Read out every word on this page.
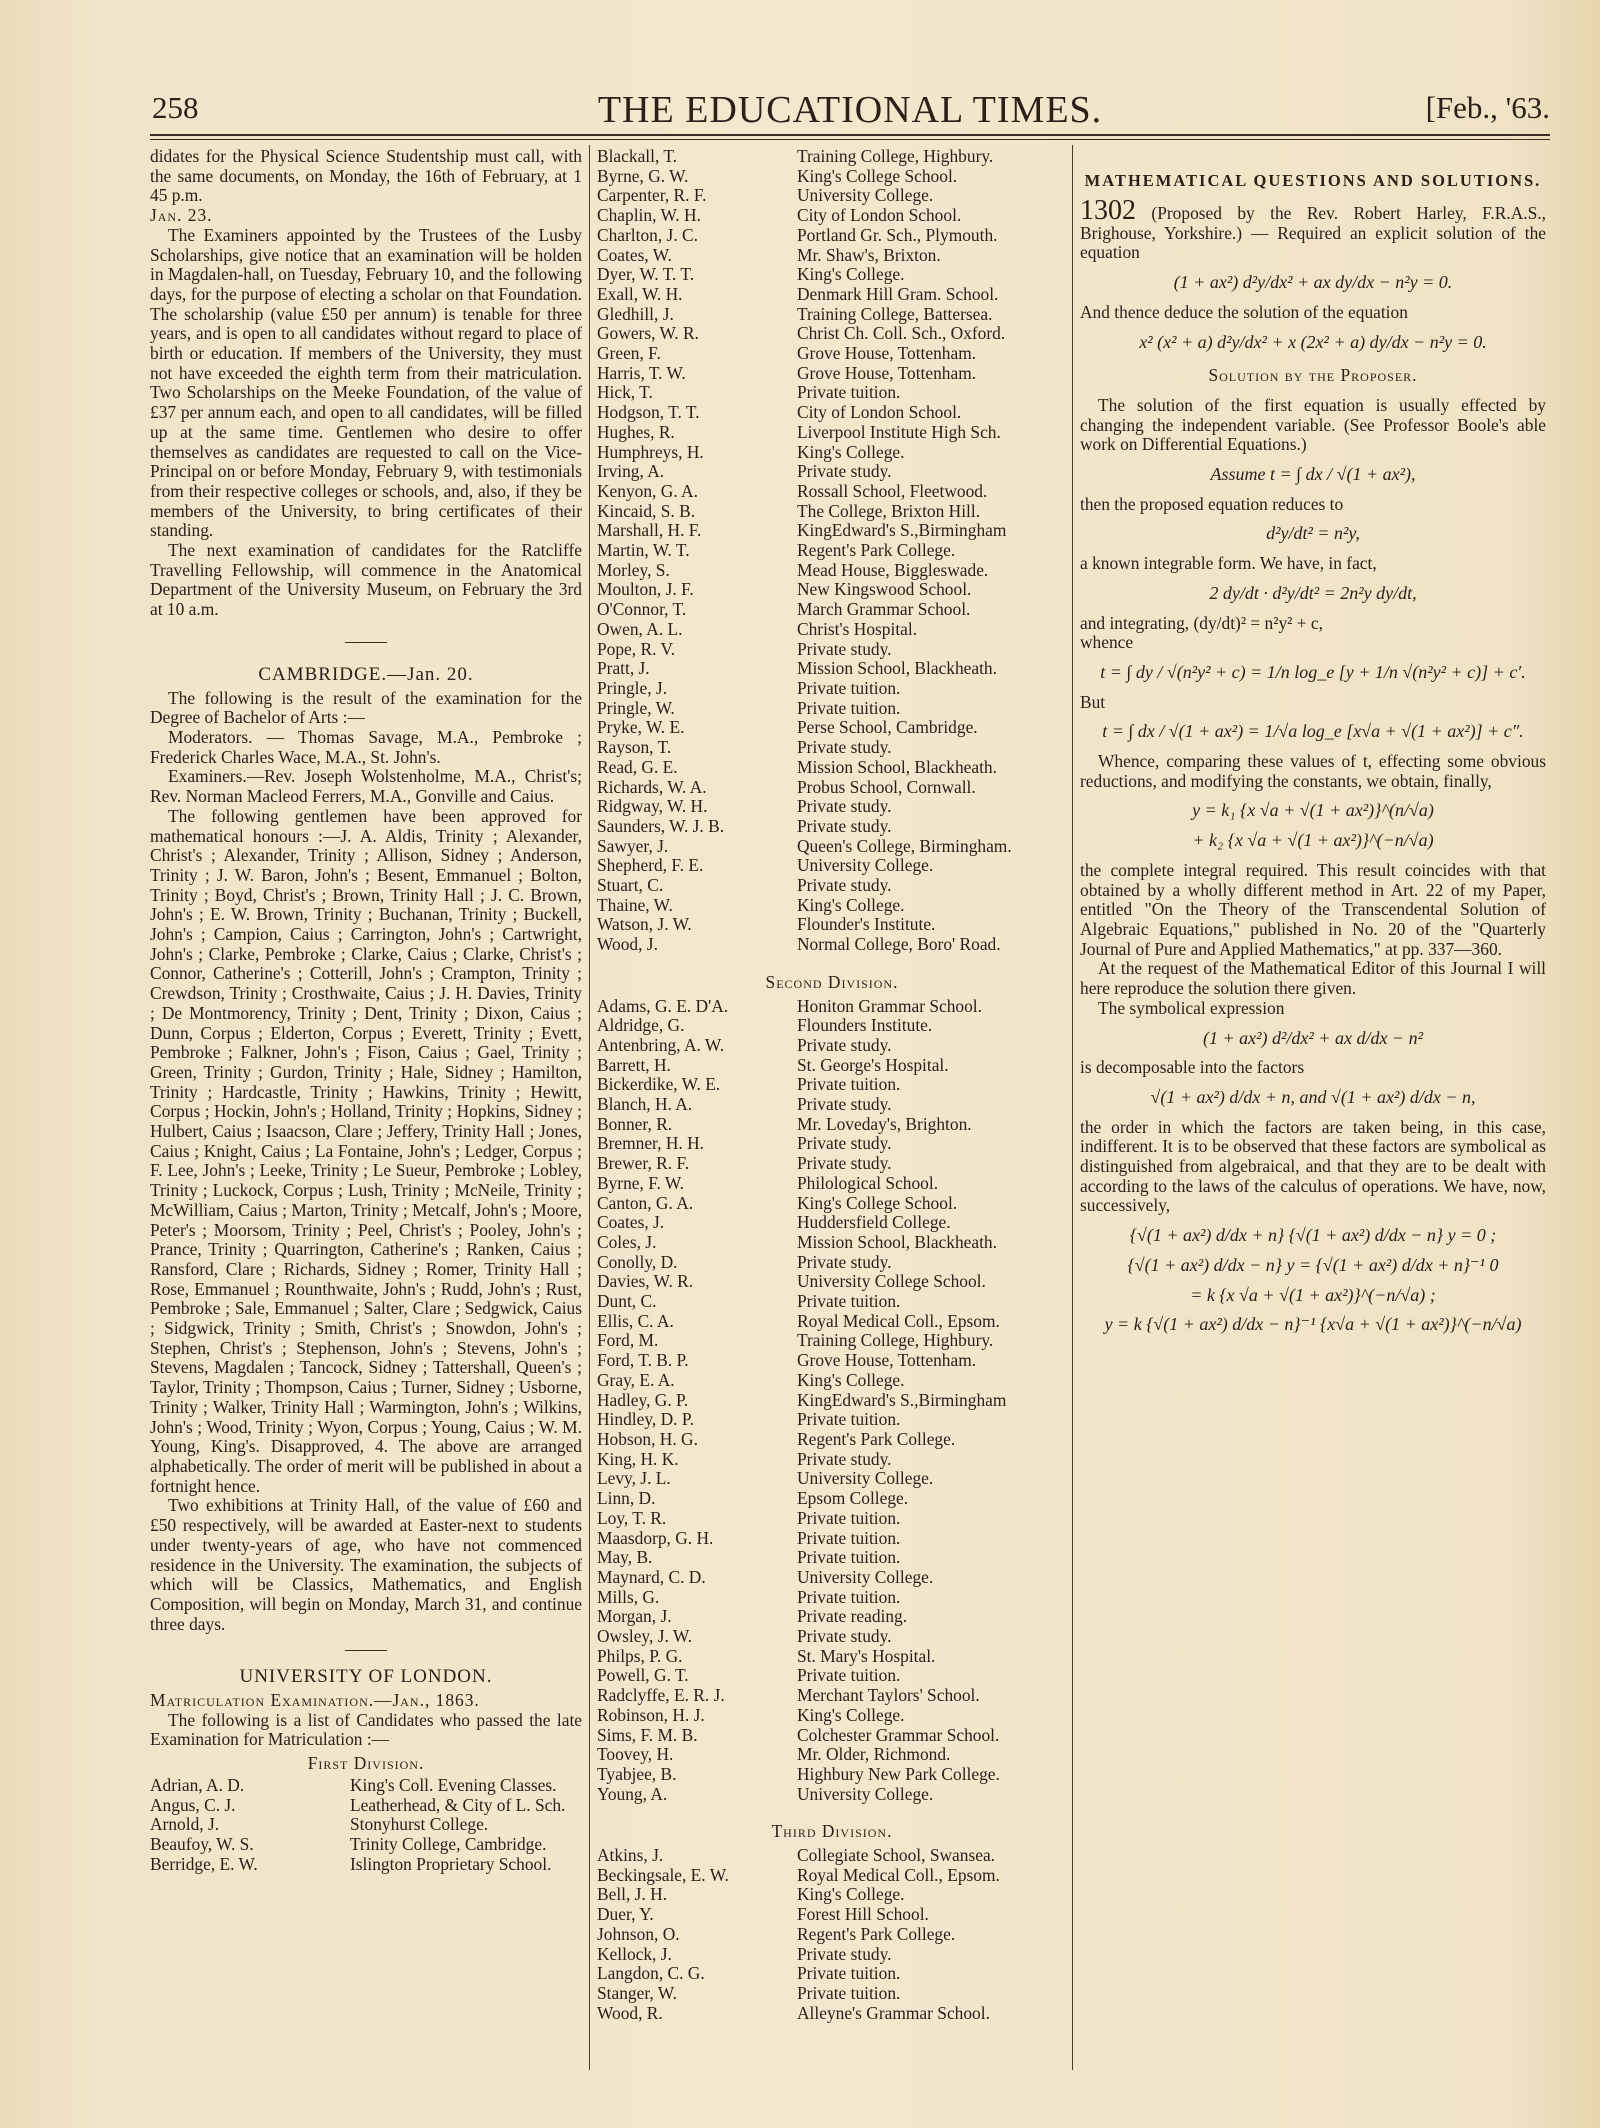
258	THE EDUCATIONAL TIMES.	[Feb., '63.

didates for the Physical Science Studentship must call, with the same documents, on Monday, the 16th of February, at 1 45 p.m.

Jan. 23.

The Examiners appointed by the Trustees of the Lusby Scholarships, give notice that an examination will be holden in Magdalen-hall, on Tuesday, February 10, and the following days, for the purpose of electing a scholar on that Foundation. The scholarship (value £50 per annum) is tenable for three years, and is open to all candidates without regard to place of birth or education. If members of the University, they must not have exceeded the eighth term from their matriculation. Two Scholarships on the Meeke Foundation, of the value of £37 per annum each, and open to all candidates, will be filled up at the same time. Gentlemen who desire to offer themselves as candidates are requested to call on the Vice-Principal on or before Monday, February 9, with testimonials from their respective colleges or schools, and, also, if they be members of the University, to bring certificates of their standing.

The next examination of candidates for the Ratcliffe Travelling Fellowship, will commence in the Anatomical Department of the University Museum, on February the 3rd at 10 a.m.

CAMBRIDGE.—Jan. 20.

The following is the result of the examination for the Degree of Bachelor of Arts :—

Moderators. — Thomas Savage, M.A., Pembroke ; Frederick Charles Wace, M.A., St. John's.

Examiners.—Rev. Joseph Wolstenholme, M.A., Christ's; Rev. Norman Macleod Ferrers, M.A., Gonville and Caius.

The following gentlemen have been approved for mathematical honours :—J. A. Aldis, Trinity ; Alexander, Christ's ; Alexander, Trinity ; Allison, Sidney ; Anderson, Trinity ; J. W. Baron, John's ; Besent, Emmanuel ; Bolton, Trinity ; Boyd, Christ's ; Brown, Trinity Hall ; J. C. Brown, John's ; E. W. Brown, Trinity ; Buchanan, Trinity ; Buckell, John's ; Campion, Caius ; Carrington, John's ; Cartwright, John's ; Clarke, Pembroke ; Clarke, Caius ; Clarke, Christ's ; Connor, Catherine's ; Cotterill, John's ; Crampton, Trinity ; Crewdson, Trinity ; Crosthwaite, Caius ; J. H. Davies, Trinity ; De Montmorency, Trinity ; Dent, Trinity ; Dixon, Caius ; Dunn, Corpus ; Elderton, Corpus ; Everett, Trinity ; Evett, Pembroke ; Falkner, John's ; Fison, Caius ; Gael, Trinity ; Green, Trinity ; Gurdon, Trinity ; Hale, Sidney ; Hamilton, Trinity ; Hardcastle, Trinity ; Hawkins, Trinity ; Hewitt, Corpus ; Hockin, John's ; Holland, Trinity ; Hopkins, Sidney ; Hulbert, Caius ; Isaacson, Clare ; Jeffery, Trinity Hall ; Jones, Caius ; Knight, Caius ; La Fontaine, John's ; Ledger, Corpus ; F. Lee, John's ; Leeke, Trinity ; Le Sueur, Pembroke ; Lobley, Trinity ; Luckock, Corpus ; Lush, Trinity ; McNeile, Trinity ; McWilliam, Caius ; Marton, Trinity ; Metcalf, John's ; Moore, Peter's ; Moorsom, Trinity ; Peel, Christ's ; Pooley, John's ; Prance, Trinity ; Quarrington, Catherine's ; Ranken, Caius ; Ransford, Clare ; Richards, Sidney ; Romer, Trinity Hall ; Rose, Emmanuel ; Rounthwaite, John's ; Rudd, John's ; Rust, Pembroke ; Sale, Emmanuel ; Salter, Clare ; Sedgwick, Caius ; Sidgwick, Trinity ; Smith, Christ's ; Snowdon, John's ; Stephen, Christ's ; Stephenson, John's ; Stevens, John's ; Stevens, Magdalen ; Tancock, Sidney ; Tattershall, Queen's ; Taylor, Trinity ; Thompson, Caius ; Turner, Sidney ; Usborne, Trinity ; Walker, Trinity Hall ; Warmington, John's ; Wilkins, John's ; Wood, Trinity ; Wyon, Corpus ; Young, Caius ; W. M. Young, King's. Disapproved, 4. The above are arranged alphabetically. The order of merit will be published in about a fortnight hence.

Two exhibitions at Trinity Hall, of the value of £60 and £50 respectively, will be awarded at Easter-next to students under twenty-years of age, who have not commenced residence in the University. The examination, the subjects of which will be Classics, Mathematics, and English Composition, will begin on Monday, March 31, and continue three days.

UNIVERSITY OF LONDON.

Matriculation Examination.—Jan., 1863.

The following is a list of Candidates who passed the late Examination for Matriculation :—

First Division.
Adrian, A. D.	King's Coll. Evening Classes.
Angus, C. J.	Leatherhead, & City of L. Sch.
Arnold, J.	Stonyhurst College.
Beaufoy, W. S.	Trinity College, Cambridge.
Berridge, E. W.	Islington Proprietary School.
Blackall, T.	Training College, Highbury.
Byrne, G. W.	King's College School.
Carpenter, R. F.	University College.
Chaplin, W. H.	City of London School.
Charlton, J. C.	Portland Gr. Sch., Plymouth.
Coates, W.	Mr. Shaw's, Brixton.
Dyer, W. T. T.	King's College.
Exall, W. H.	Denmark Hill Gram. School.
Gledhill, J.	Training College, Battersea.
Gowers, W. R.	Christ Ch. Coll. Sch., Oxford.
Green, F.	Grove House, Tottenham.
Harris, T. W.	Grove House, Tottenham.
Hick, T.	Private tuition.
Hodgson, T. T.	City of London School.
Hughes, R.	Liverpool Institute High Sch.
Humphreys, H.	King's College.
Irving, A.	Private study.
Kenyon, G. A.	Rossall School, Fleetwood.
Kincaid, S. B.	The College, Brixton Hill.
Marshall, H. F.	KingEdward's S.,Birmingham
Martin, W. T.	Regent's Park College.
Morley, S.	Mead House, Biggleswade.
Moulton, J. F.	New Kingswood School.
O'Connor, T.	March Grammar School.
Owen, A. L.	Christ's Hospital.
Pope, R. V.	Private study.
Pratt, J.	Mission School, Blackheath.
Pringle, J.	Private tuition.
Pringle, W.	Private tuition.
Pryke, W. E.	Perse School, Cambridge.
Rayson, T.	Private study.
Read, G. E.	Mission School, Blackheath.
Richards, W. A.	Probus School, Cornwall.
Ridgway, W. H.	Private study.
Saunders, W. J. B.	Private study.
Sawyer, J.	Queen's College, Birmingham.
Shepherd, F. E.	University College.
Stuart, C.	Private study.
Thaine, W.	King's College.
Watson, J. W.	Flounder's Institute.
Wood, J.	Normal College, Boro' Road.
Second Division.
Adams, G. E. D'A.	Honiton Grammar School.
Aldridge, G.	Flounders Institute.
Antenbring, A. W.	Private study.
Barrett, H.	St. George's Hospital.
Bickerdike, W. E.	Private tuition.
Blanch, H. A.	Private study.
Bonner, R.	Mr. Loveday's, Brighton.
Bremner, H. H.	Private study.
Brewer, R. F.	Private study.
Byrne, F. W.	Philological School.
Canton, G. A.	King's College School.
Coates, J.	Huddersfield College.
Coles, J.	Mission School, Blackheath.
Conolly, D.	Private study.
Davies, W. R.	University College School.
Dunt, C.	Private tuition.
Ellis, C. A.	Royal Medical Coll., Epsom.
Ford, M.	Training College, Highbury.
Ford, T. B. P.	Grove House, Tottenham.
Gray, E. A.	King's College.
Hadley, G. P.	KingEdward's S.,Birmingham
Hindley, D. P.	Private tuition.
Hobson, H. G.	Regent's Park College.
King, H. K.	Private study.
Levy, J. L.	University College.
Linn, D.	Epsom College.
Loy, T. R.	Private tuition.
Maasdorp, G. H.	Private tuition.
May, B.	Private tuition.
Maynard, C. D.	University College.
Mills, G.	Private tuition.
Morgan, J.	Private reading.
Owsley, J. W.	Private study.
Philps, P. G.	St. Mary's Hospital.
Powell, G. T.	Private tuition.
Radclyffe, E. R. J.	Merchant Taylors' School.
Robinson, H. J.	King's College.
Sims, F. M. B.	Colchester Grammar School.
Toovey, H.	Mr. Older, Richmond.
Tyabjee, B.	Highbury New Park College.
Young, A.	University College.
Third Division.
Atkins, J.	Collegiate School, Swansea.
Beckingsale, E. W.	Royal Medical Coll., Epsom.
Bell, J. H.	King's College.
Duer, Y.	Forest Hill School.
Johnson, O.	Regent's Park College.
Kellock, J.	Private study.
Langdon, C. G.	Private tuition.
Stanger, W.	Private tuition.
Wood, R.	Alleyne's Grammar School.
MATHEMATICAL QUESTIONS AND SOLUTIONS.

1302 (Proposed by the Rev. Robert Harley, F.R.A.S., Brighouse, Yorkshire.) — Required an explicit solution of the equation

(1 + ax²) d²y/dx² + ax dy/dx − n²y = 0.

And thence deduce the solution of the equation

x² (x² + a) d²y/dx² + x (2x² + a) dy/dx − n²y = 0.
Solution by the Proposer.

The solution of the first equation is usually effected by changing the independent variable. (See Professor Boole's able work on Differential Equations.)

Assume t = ∫ dx / √(1 + ax²),

then the proposed equation reduces to

d²y/dt² = n²y,

a known integrable form. We have, in fact,

2 dy/dt · d²y/dt² = 2n²y dy/dt,

and integrating, (dy/dt)² = n²y² + c,

whence

t = ∫ dy / √(n²y² + c) = 1/n log_e [y + 1/n √(n²y² + c)] + c′.

But

t = ∫ dx / √(1 + ax²) = 1/√a log_e [x√a + √(1 + ax²)] + c″.

Whence, comparing these values of t, effecting some obvious reductions, and modifying the constants, we obtain, finally,

y = k₁ {x √a + √(1 + ax²)}^(n/√a)
+ k₂ {x √a + √(1 + ax²)}^(−n/√a)

the complete integral required. This result coincides with that obtained by a wholly different method in Art. 22 of my Paper, entitled "On the Theory of the Transcendental Solution of Algebraic Equations," published in No. 20 of the "Quarterly Journal of Pure and Applied Mathematics," at pp. 337—360.

At the request of the Mathematical Editor of this Journal I will here reproduce the solution there given.

The symbolical expression

(1 + ax²) d²/dx² + ax d/dx − n²

is decomposable into the factors

√(1 + ax²) d/dx + n, and √(1 + ax²) d/dx − n,

the order in which the factors are taken being, in this case, indifferent. It is to be observed that these factors are symbolical as distinguished from algebraical, and that they are to be dealt with according to the laws of the calculus of operations. We have, now, successively,

{√(1 + ax²) d/dx + n} {√(1 + ax²) d/dx − n} y = 0 ;
{√(1 + ax²) d/dx − n} y = {√(1 + ax²) d/dx + n}⁻¹ 0
= k {x √a + √(1 + ax²)}^(−n/√a) ;
y = k {√(1 + ax²) d/dx − n}⁻¹ {x√a + √(1 + ax²)}^(−n/√a)
